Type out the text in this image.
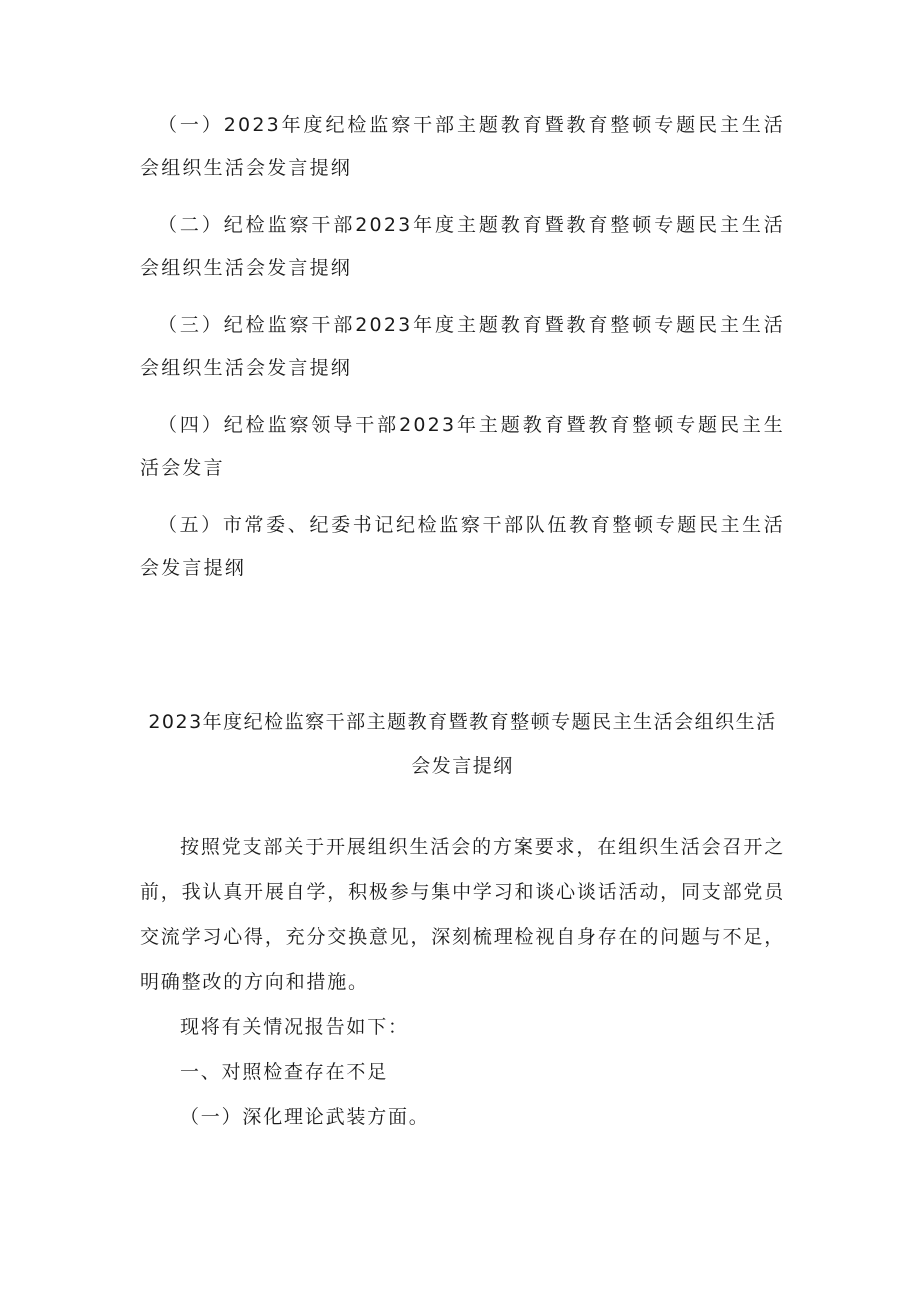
（一）2023年度纪检监察干部主题教育暨教育整顿专题民主生活会组织生活会发言提纲
（二）纪检监察干部2023年度主题教育暨教育整顿专题民主生活会组织生活会发言提纲
（三）纪检监察干部2023年度主题教育暨教育整顿专题民主生活会组织生活会发言提纲
（四）纪检监察领导干部2023年主题教育暨教育整顿专题民主生活会发言
（五）市常委、纪委书记纪检监察干部队伍教育整顿专题民主生活会发言提纲
2023年度纪检监察干部主题教育暨教育整顿专题民主生活会组织生活会发言提纲

按照党支部关于开展组织生活会的方案要求，在组织生活会召开之前，我认真开展自学，积极参与集中学习和谈心谈话活动，同支部党员交流学习心得，充分交换意见，深刻梳理检视自身存在的问题与不足，明确整改的方向和措施。

现将有关情况报告如下：

一、对照检查存在不足

（一）深化理论武装方面。
